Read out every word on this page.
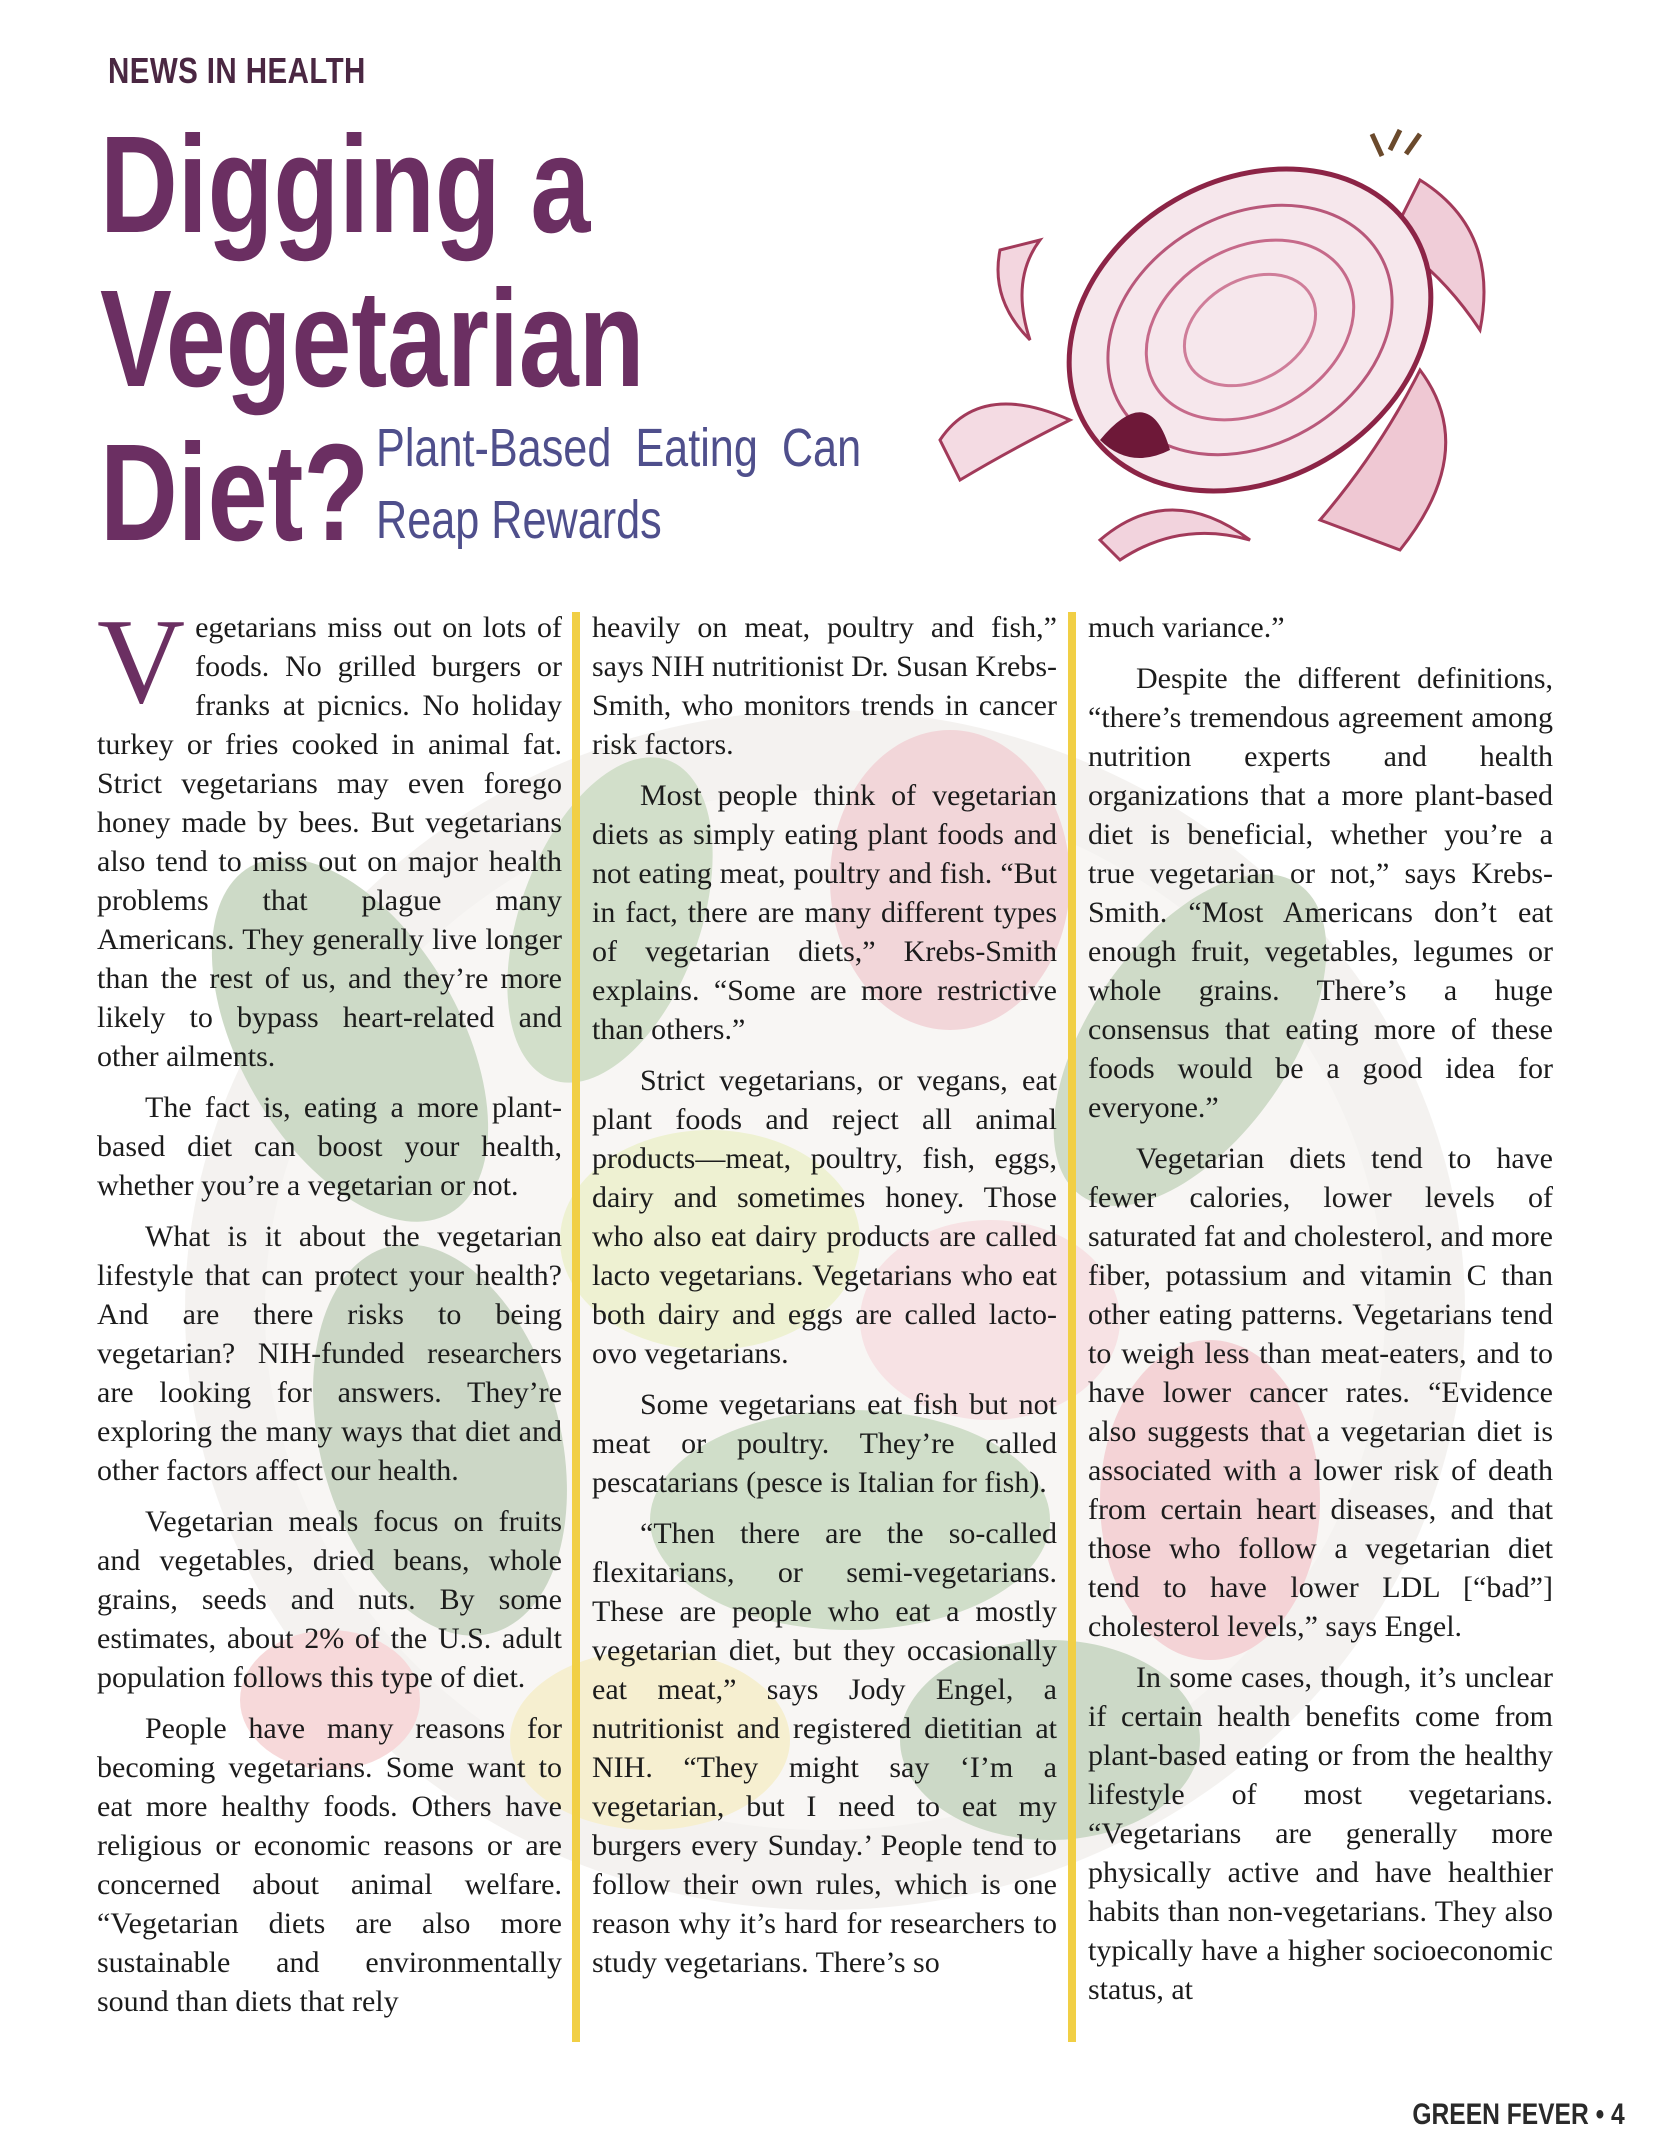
NEWS IN HEALTH
Digging a
Vegetarian
Diet? Plant-Based  Eating  Can
Reap Rewards

Vegetarians miss out on lots of foods. No grilled burgers or franks at picnics. No holiday turkey or fries cooked in animal fat. Strict vegetarians may even forego honey made by bees. But vegetarians also tend to miss out on major health problems that plague many Americans. They generally live longer than the rest of us, and they’re more likely to bypass heart-related and other ailments.

The fact is, eating a more plant-based diet can boost your health, whether you’re a vegetarian or not.

What is it about the vegetarian lifestyle that can protect your health? And are there risks to being vegetarian? NIH-funded researchers are looking for answers. They’re exploring the many ways that diet and other factors affect our health.

Vegetarian meals focus on fruits and vegetables, dried beans, whole grains, seeds and nuts. By some estimates, about 2% of the U.S. adult population follows this type of diet.

People have many reasons for becoming vegetarians. Some want to eat more healthy foods. Others have religious or economic reasons or are concerned about animal welfare. “Vegetarian diets are also more sustainable and environmentally sound than diets that rely

heavily on meat, poultry and fish,” says NIH nutritionist Dr. Susan Krebs-Smith, who monitors trends in cancer risk factors.

Most people think of vegetarian diets as simply eating plant foods and not eating meat, poultry and fish. “But in fact, there are many different types of vegetarian diets,” Krebs-Smith explains. “Some are more restrictive than others.”

Strict vegetarians, or vegans, eat plant foods and reject all animal products—meat, poultry, fish, eggs, dairy and sometimes honey. Those who also eat dairy products are called lacto vegetarians. Vegetarians who eat both dairy and eggs are called lacto-ovo vegetarians.

Some vegetarians eat fish but not meat or poultry. They’re called pescatarians (pesce is Italian for fish).

“Then there are the so-called flexitarians, or semi-vegetarians. These are people who eat a mostly vegetarian diet, but they occasionally eat meat,” says Jody Engel, a nutritionist and registered dietitian at NIH. “They might say ‘I’m a vegetarian, but I need to eat my burgers every Sunday.’ People tend to follow their own rules, which is one reason why it’s hard for researchers to study vegetarians. There’s so

much variance.”

Despite the different definitions, “there’s tremendous agreement among nutrition experts and health organizations that a more plant-based diet is beneficial, whether you’re a true vegetarian or not,” says Krebs-Smith. “Most Americans don’t eat enough fruit, vegetables, legumes or whole grains. There’s a huge consensus that eating more of these foods would be a good idea for everyone.”

Vegetarian diets tend to have fewer calories, lower levels of saturated fat and cholesterol, and more fiber, potassium and vitamin C than other eating patterns. Vegetarians tend to weigh less than meat-eaters, and to have lower cancer rates. “Evidence also suggests that a vegetarian diet is associated with a lower risk of death from certain heart diseases, and that those who follow a vegetarian diet tend to have lower LDL [“bad”] cholesterol levels,” says Engel.

In some cases, though, it’s unclear if certain health benefits come from plant-based eating or from the healthy lifestyle of most vegetarians. “Vegetarians are generally more physically active and have healthier habits than non-vegetarians. They also typically have a higher socioeconomic status, at

GREEN FEVER • 4
